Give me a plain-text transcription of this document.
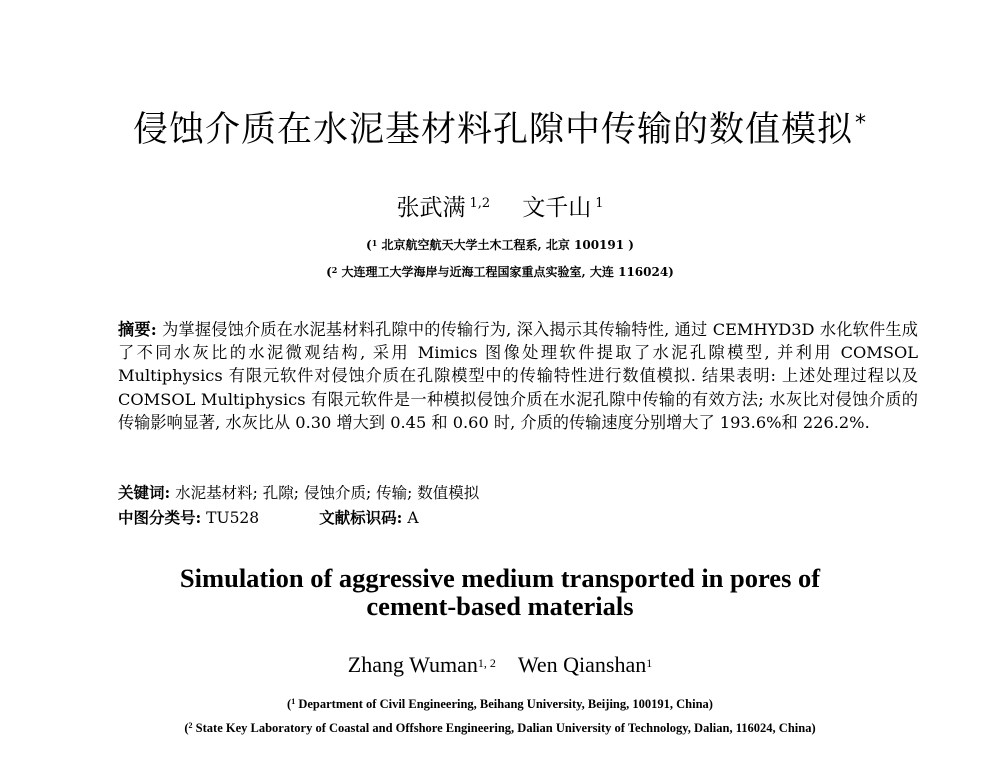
侵蚀介质在水泥基材料孔隙中传输的数值模拟*
张武满 $^{1,2}$ 文千山 $^1$
($^1$ 北京航空航天大学土木工程系, 北京 100191 )
($^2$ 大连理工大学海岸与近海工程国家重点实验室, 大连 116024)
摘要: 为掌握侵蚀介质在水泥基材料孔隙中的传输行为, 深入揭示其传输特性, 通过 CEMHYD3D 水化软件生成了不同水灰比的水泥微观结构, 采用 Mimics 图像处理软件提取了水泥孔隙模型, 并利用 COMSOL Multiphysics 有限元软件对侵蚀介质在孔隙模型中的传输特性进行数值模拟. 结果表明: 上述处理过程以及 COMSOL Multiphysics 有限元软件是一种模拟侵蚀介质在水泥孔隙中传输的有效方法; 水灰比对侵蚀介质的传输影响显著, 水灰比从 0.30 增大到 0.45 和 0.60 时, 介质的传输速度分别增大了 193.6%和 226.2%.
关键词: 水泥基材料; 孔隙; 侵蚀介质; 传输; 数值模拟
中图分类号: TU528	文献标识码: A
Simulation of aggressive medium transported in pores of
cement-based materials
Zhang Wuman$^{1, 2}$ Wen Qianshan$^1$
($^1$ Department of Civil Engineering, Beihang University, Beijing, 100191, China)
($^2$ State Key Laboratory of Coastal and Offshore Engineering, Dalian University of Technology, Dalian, 116024, China)
